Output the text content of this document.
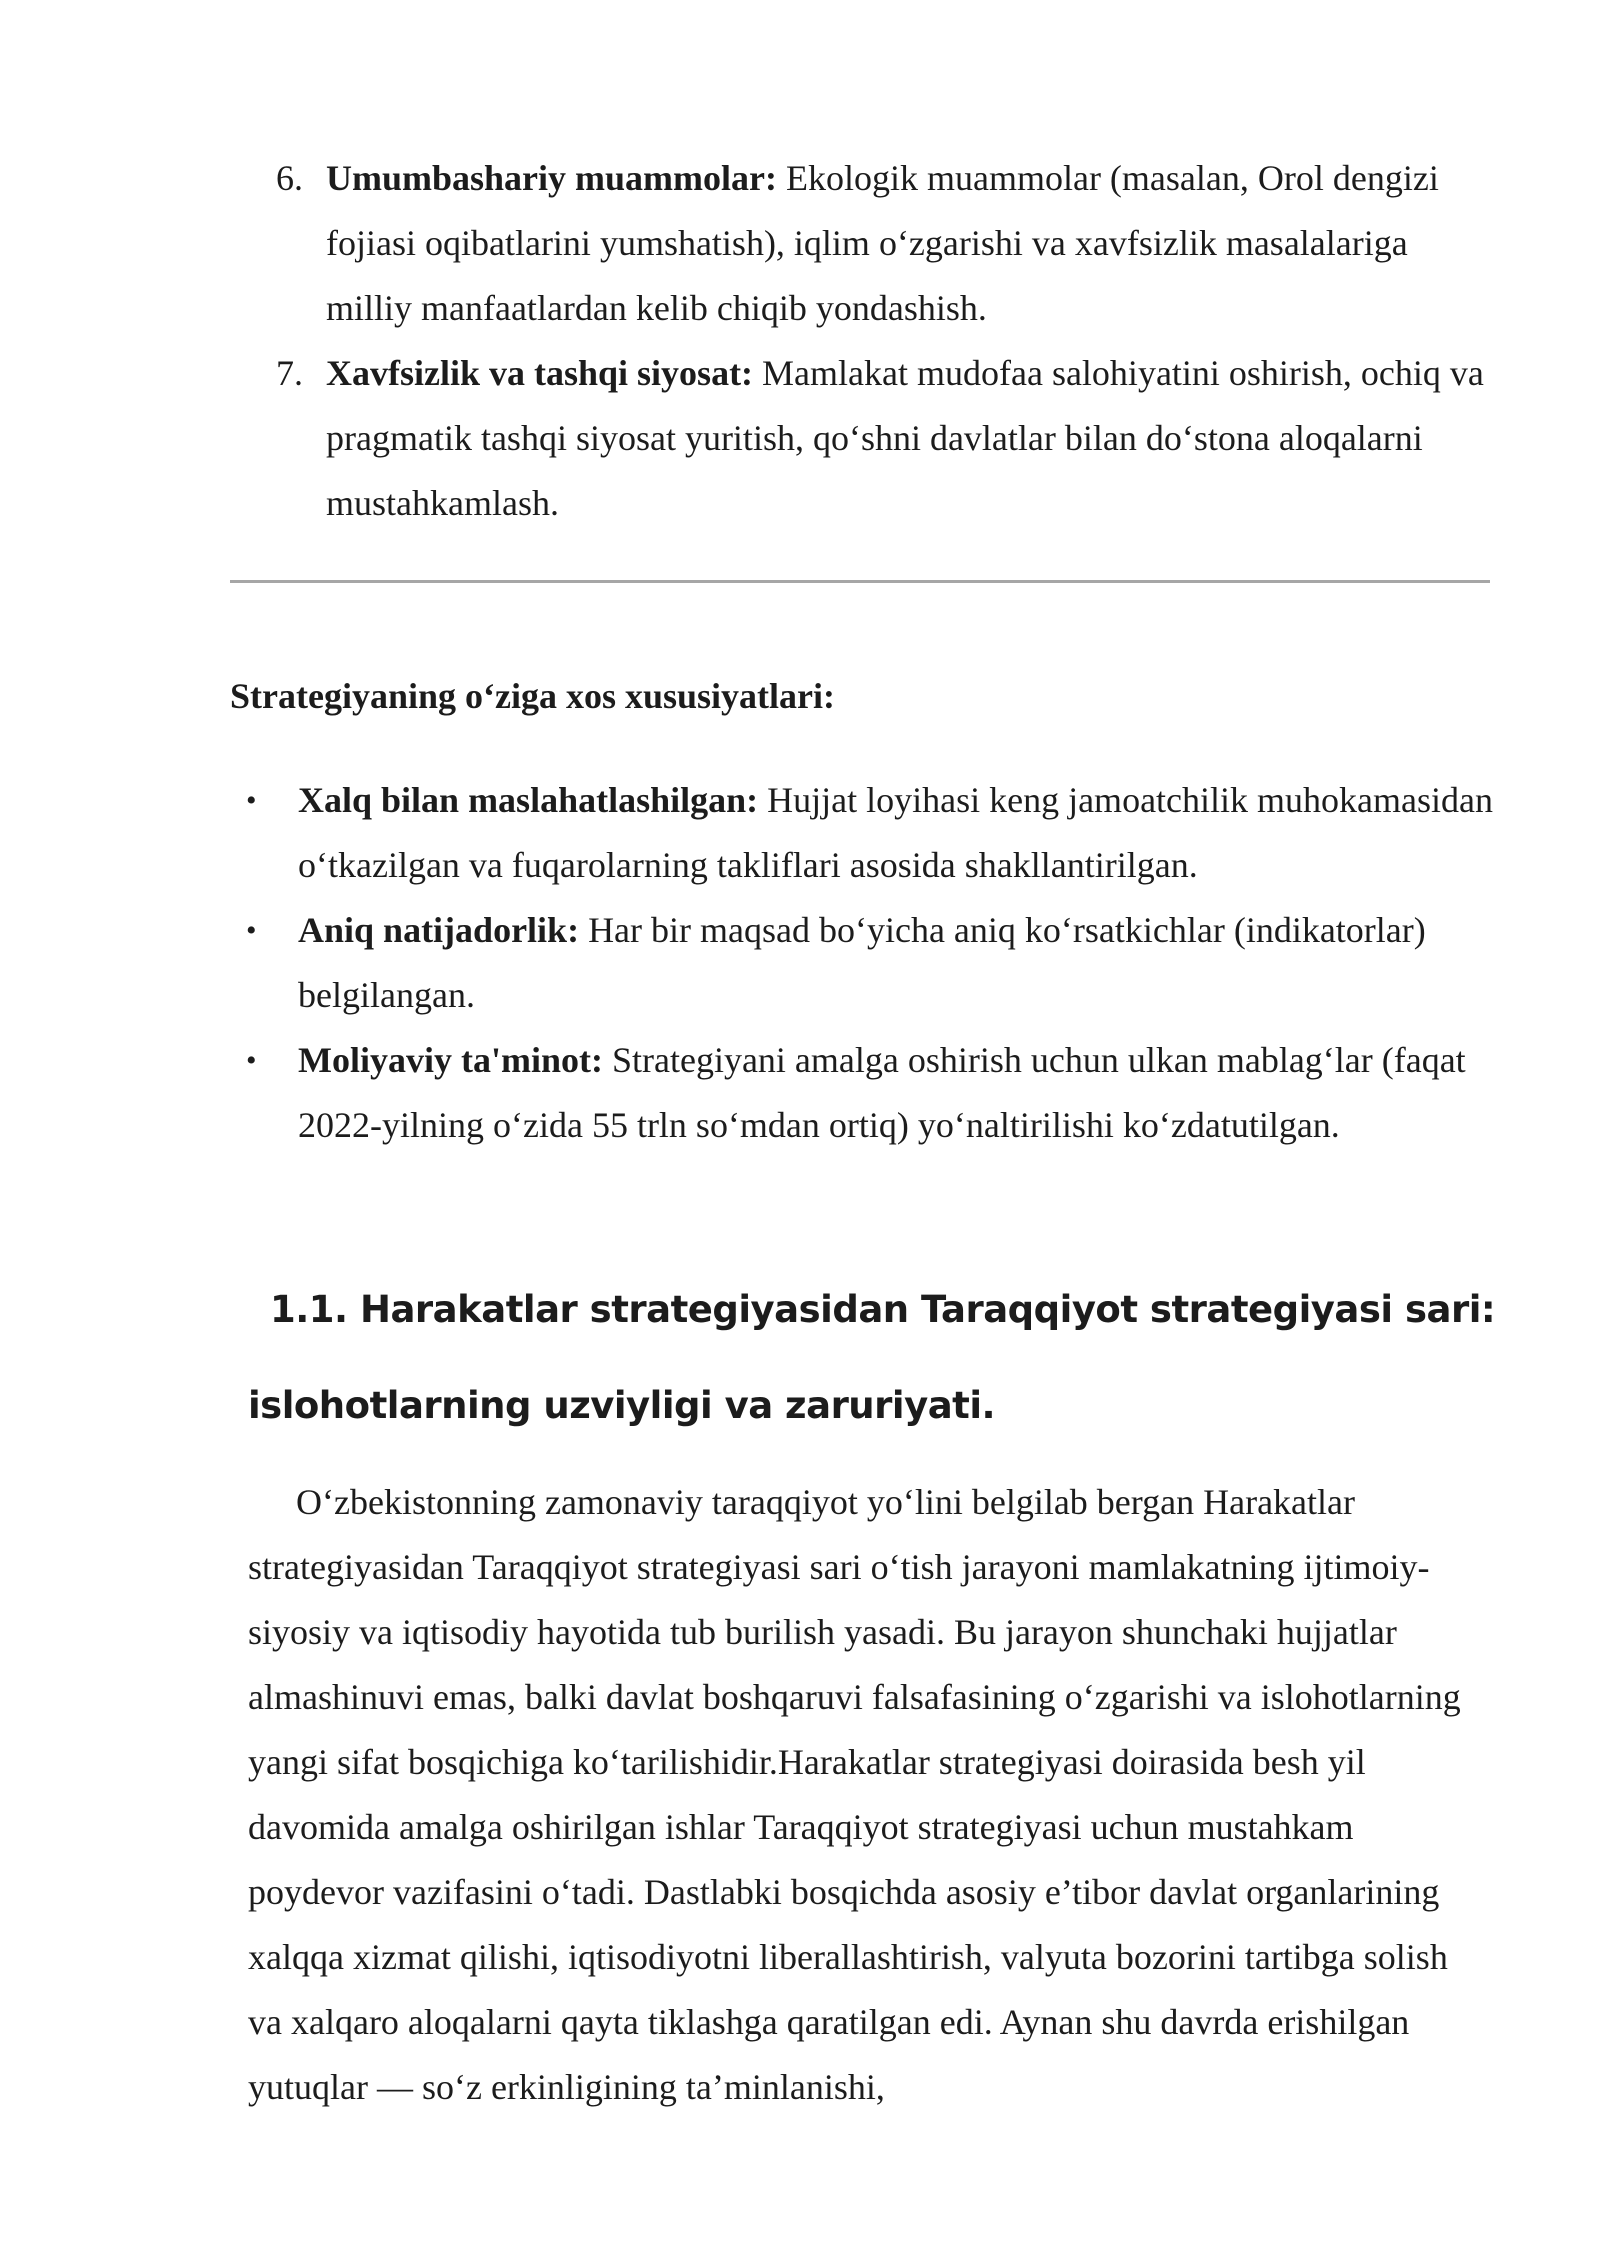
6. Umumbashariy muammolar: Ekologik muammolar (masalan, Orol dengizi fojiasi oqibatlarini yumshatish), iqlim o‘zgarishi va xavfsizlik masalalariga milliy manfaatlardan kelib chiqib yondashish.
7. Xavfsizlik va tashqi siyosat: Mamlakat mudofaa salohiyatini oshirish, ochiq va pragmatik tashqi siyosat yuritish, qo‘shni davlatlar bilan do‘stona aloqalarni mustahkamlash.

Strategiyaning o‘ziga xos xususiyatlari:

• Xalq bilan maslahatlashilgan: Hujjat loyihasi keng jamoatchilik muhokamasidan o‘tkazilgan va fuqarolarning takliflari asosida shakllantirilgan.
• Aniq natijadorlik: Har bir maqsad bo‘yicha aniq ko‘rsatkichlar (indikatorlar) belgilangan.
• Moliyaviy ta'minot: Strategiyani amalga oshirish uchun ulkan mablag‘lar (faqat 2022-yilning o‘zida 55 trln so‘mdan ortiq) yo‘naltirilishi ko‘zdatutilgan.
1.1. Harakatlar strategiyasidan Taraqqiyot strategiyasi sari:
islohotlarning uzviyligi va zaruriyati.

O‘zbekistonning zamonaviy taraqqiyot yo‘lini belgilab bergan Harakatlar strategiyasidan Taraqqiyot strategiyasi sari o‘tish jarayoni mamlakatning ijtimoiy-siyosiy va iqtisodiy hayotida tub burilish yasadi. Bu jarayon shunchaki hujjatlar almashinuvi emas, balki davlat boshqaruvi falsafasining o‘zgarishi va islohotlarning yangi sifat bosqichiga ko‘tarilishidir.Harakatlar strategiyasi doirasida besh yil davomida amalga oshirilgan ishlar Taraqqiyot strategiyasi uchun mustahkam poydevor vazifasini o‘tadi. Dastlabki bosqichda asosiy e’tibor davlat organlarining xalqqa xizmat qilishi, iqtisodiyotni liberallashtirish, valyuta bozorini tartibga solish va xalqaro aloqalarni qayta tiklashga qaratilgan edi. Aynan shu davrda erishilgan yutuqlar — so‘z erkinligining ta’minlanishi,
